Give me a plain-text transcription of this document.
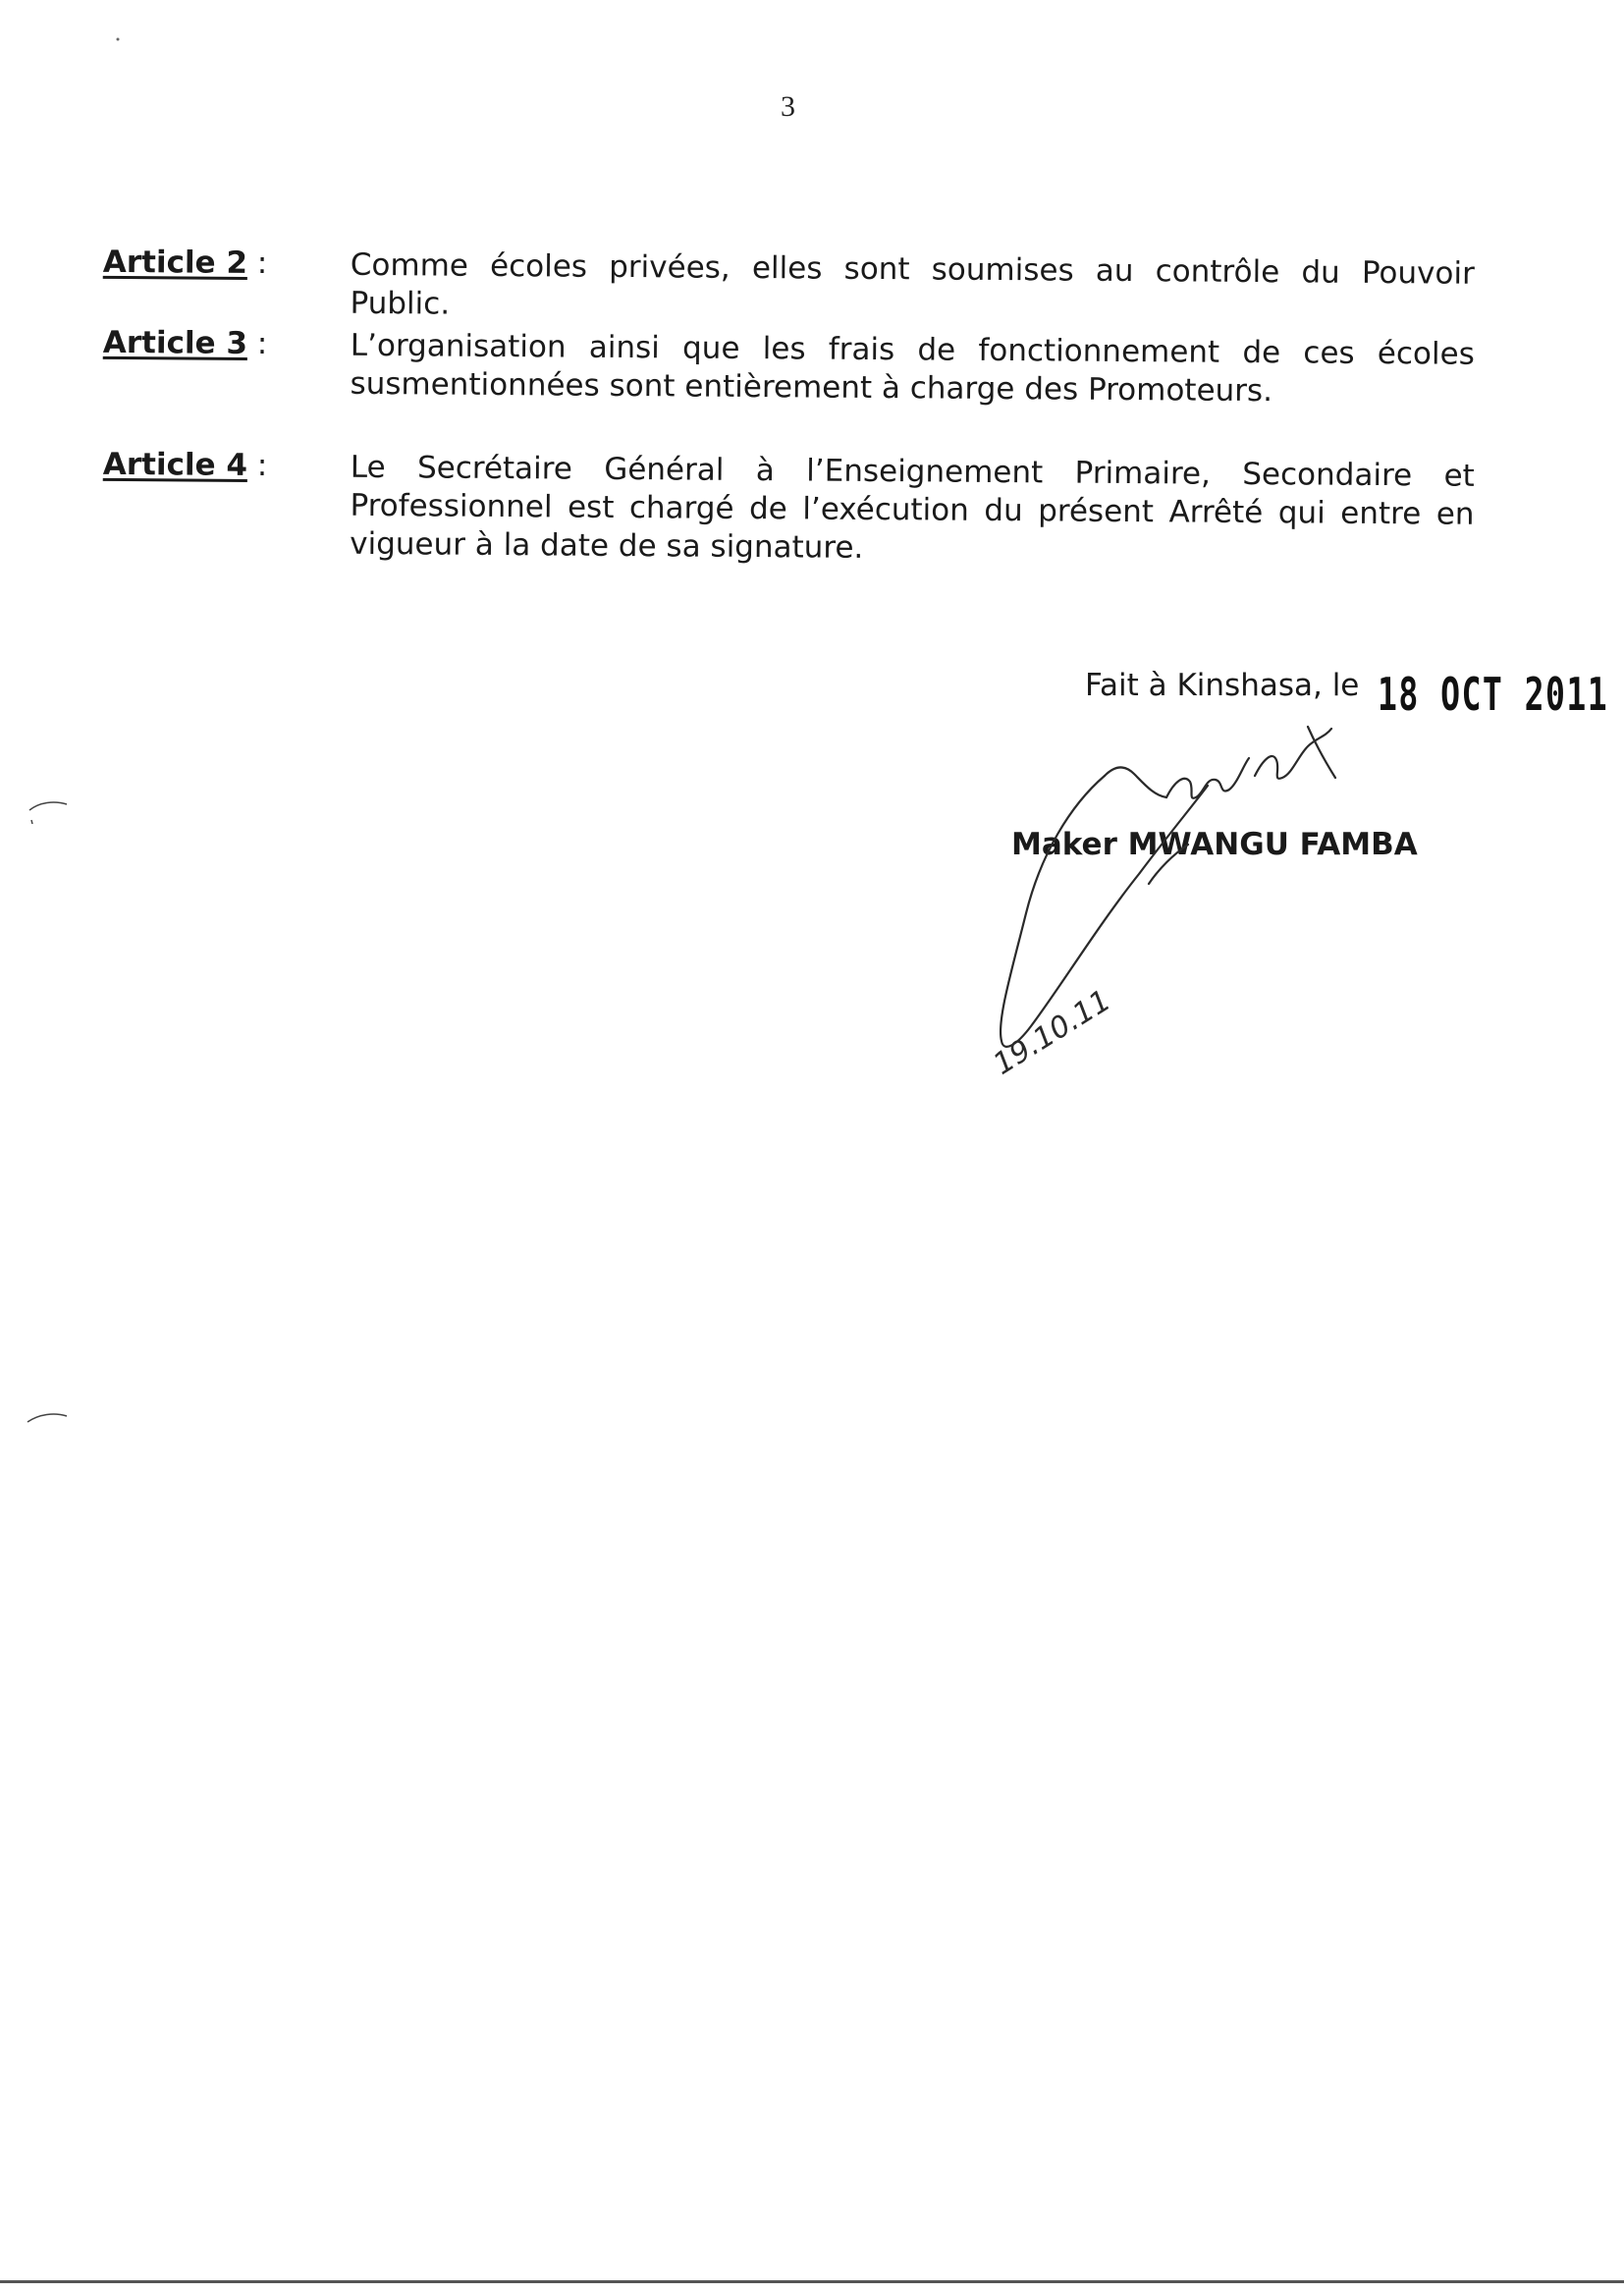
3
Article 2 :	Comme écoles privées, elles sont soumises au contrôle du Pouvoir Public.
Article 3 :	L’organisation ainsi que les frais de fonctionnement de ces écoles susmentionnées sont entièrement à charge des Promoteurs.
Article 4 :	Le Secrétaire Général à l’Enseignement Primaire, Secondaire et Professionnel est chargé de l’exécution du présent Arrêté qui entre en vigueur à la date de sa signature.
Fait à Kinshasa, le 18 OCT 2011
Maker MWANGU FAMBA
19.10.11
